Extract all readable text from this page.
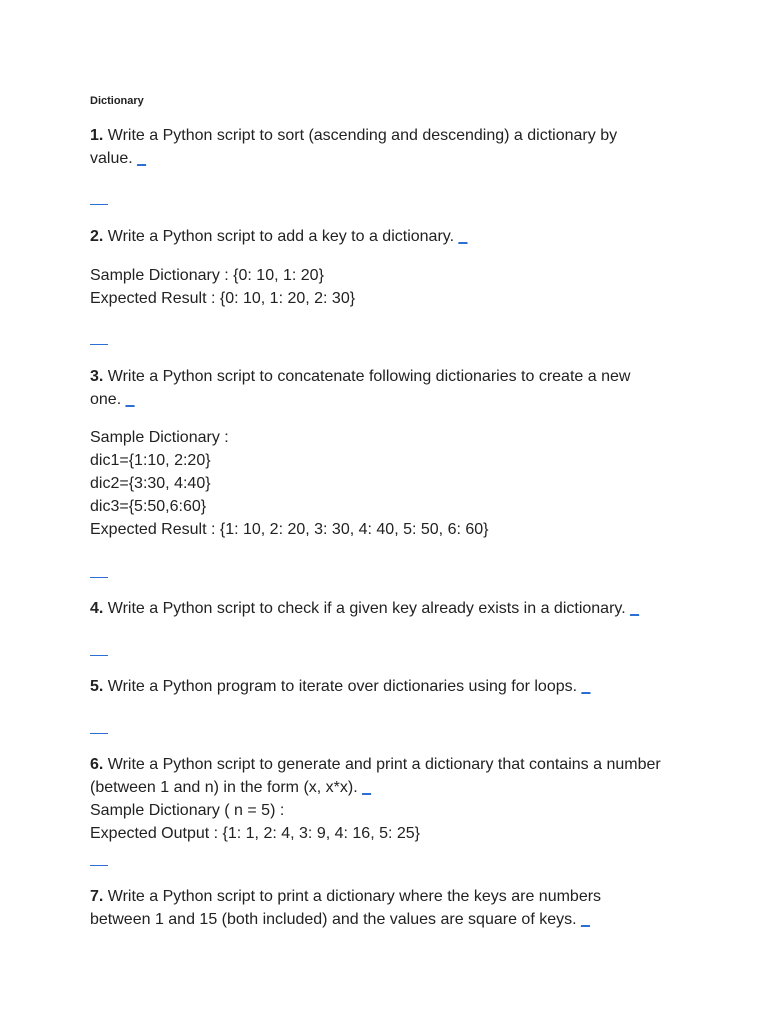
Dictionary
1. Write a Python script to sort (ascending and descending) a dictionary by
value. _
2. Write a Python script to add a key to a dictionary. _
Sample Dictionary : {0: 10, 1: 20}
Expected Result : {0: 10, 1: 20, 2: 30}
3. Write a Python script to concatenate following dictionaries to create a new
one. _
Sample Dictionary :
dic1={1:10, 2:20}
dic2={3:30, 4:40}
dic3={5:50,6:60}
Expected Result : {1: 10, 2: 20, 3: 30, 4: 40, 5: 50, 6: 60}
4. Write a Python script to check if a given key already exists in a dictionary. _
5. Write a Python program to iterate over dictionaries using for loops. _
6. Write a Python script to generate and print a dictionary that contains a number
(between 1 and n) in the form (x, x*x). _
Sample Dictionary ( n = 5) :
Expected Output : {1: 1, 2: 4, 3: 9, 4: 16, 5: 25}
7. Write a Python script to print a dictionary where the keys are numbers
between 1 and 15 (both included) and the values are square of keys. _
